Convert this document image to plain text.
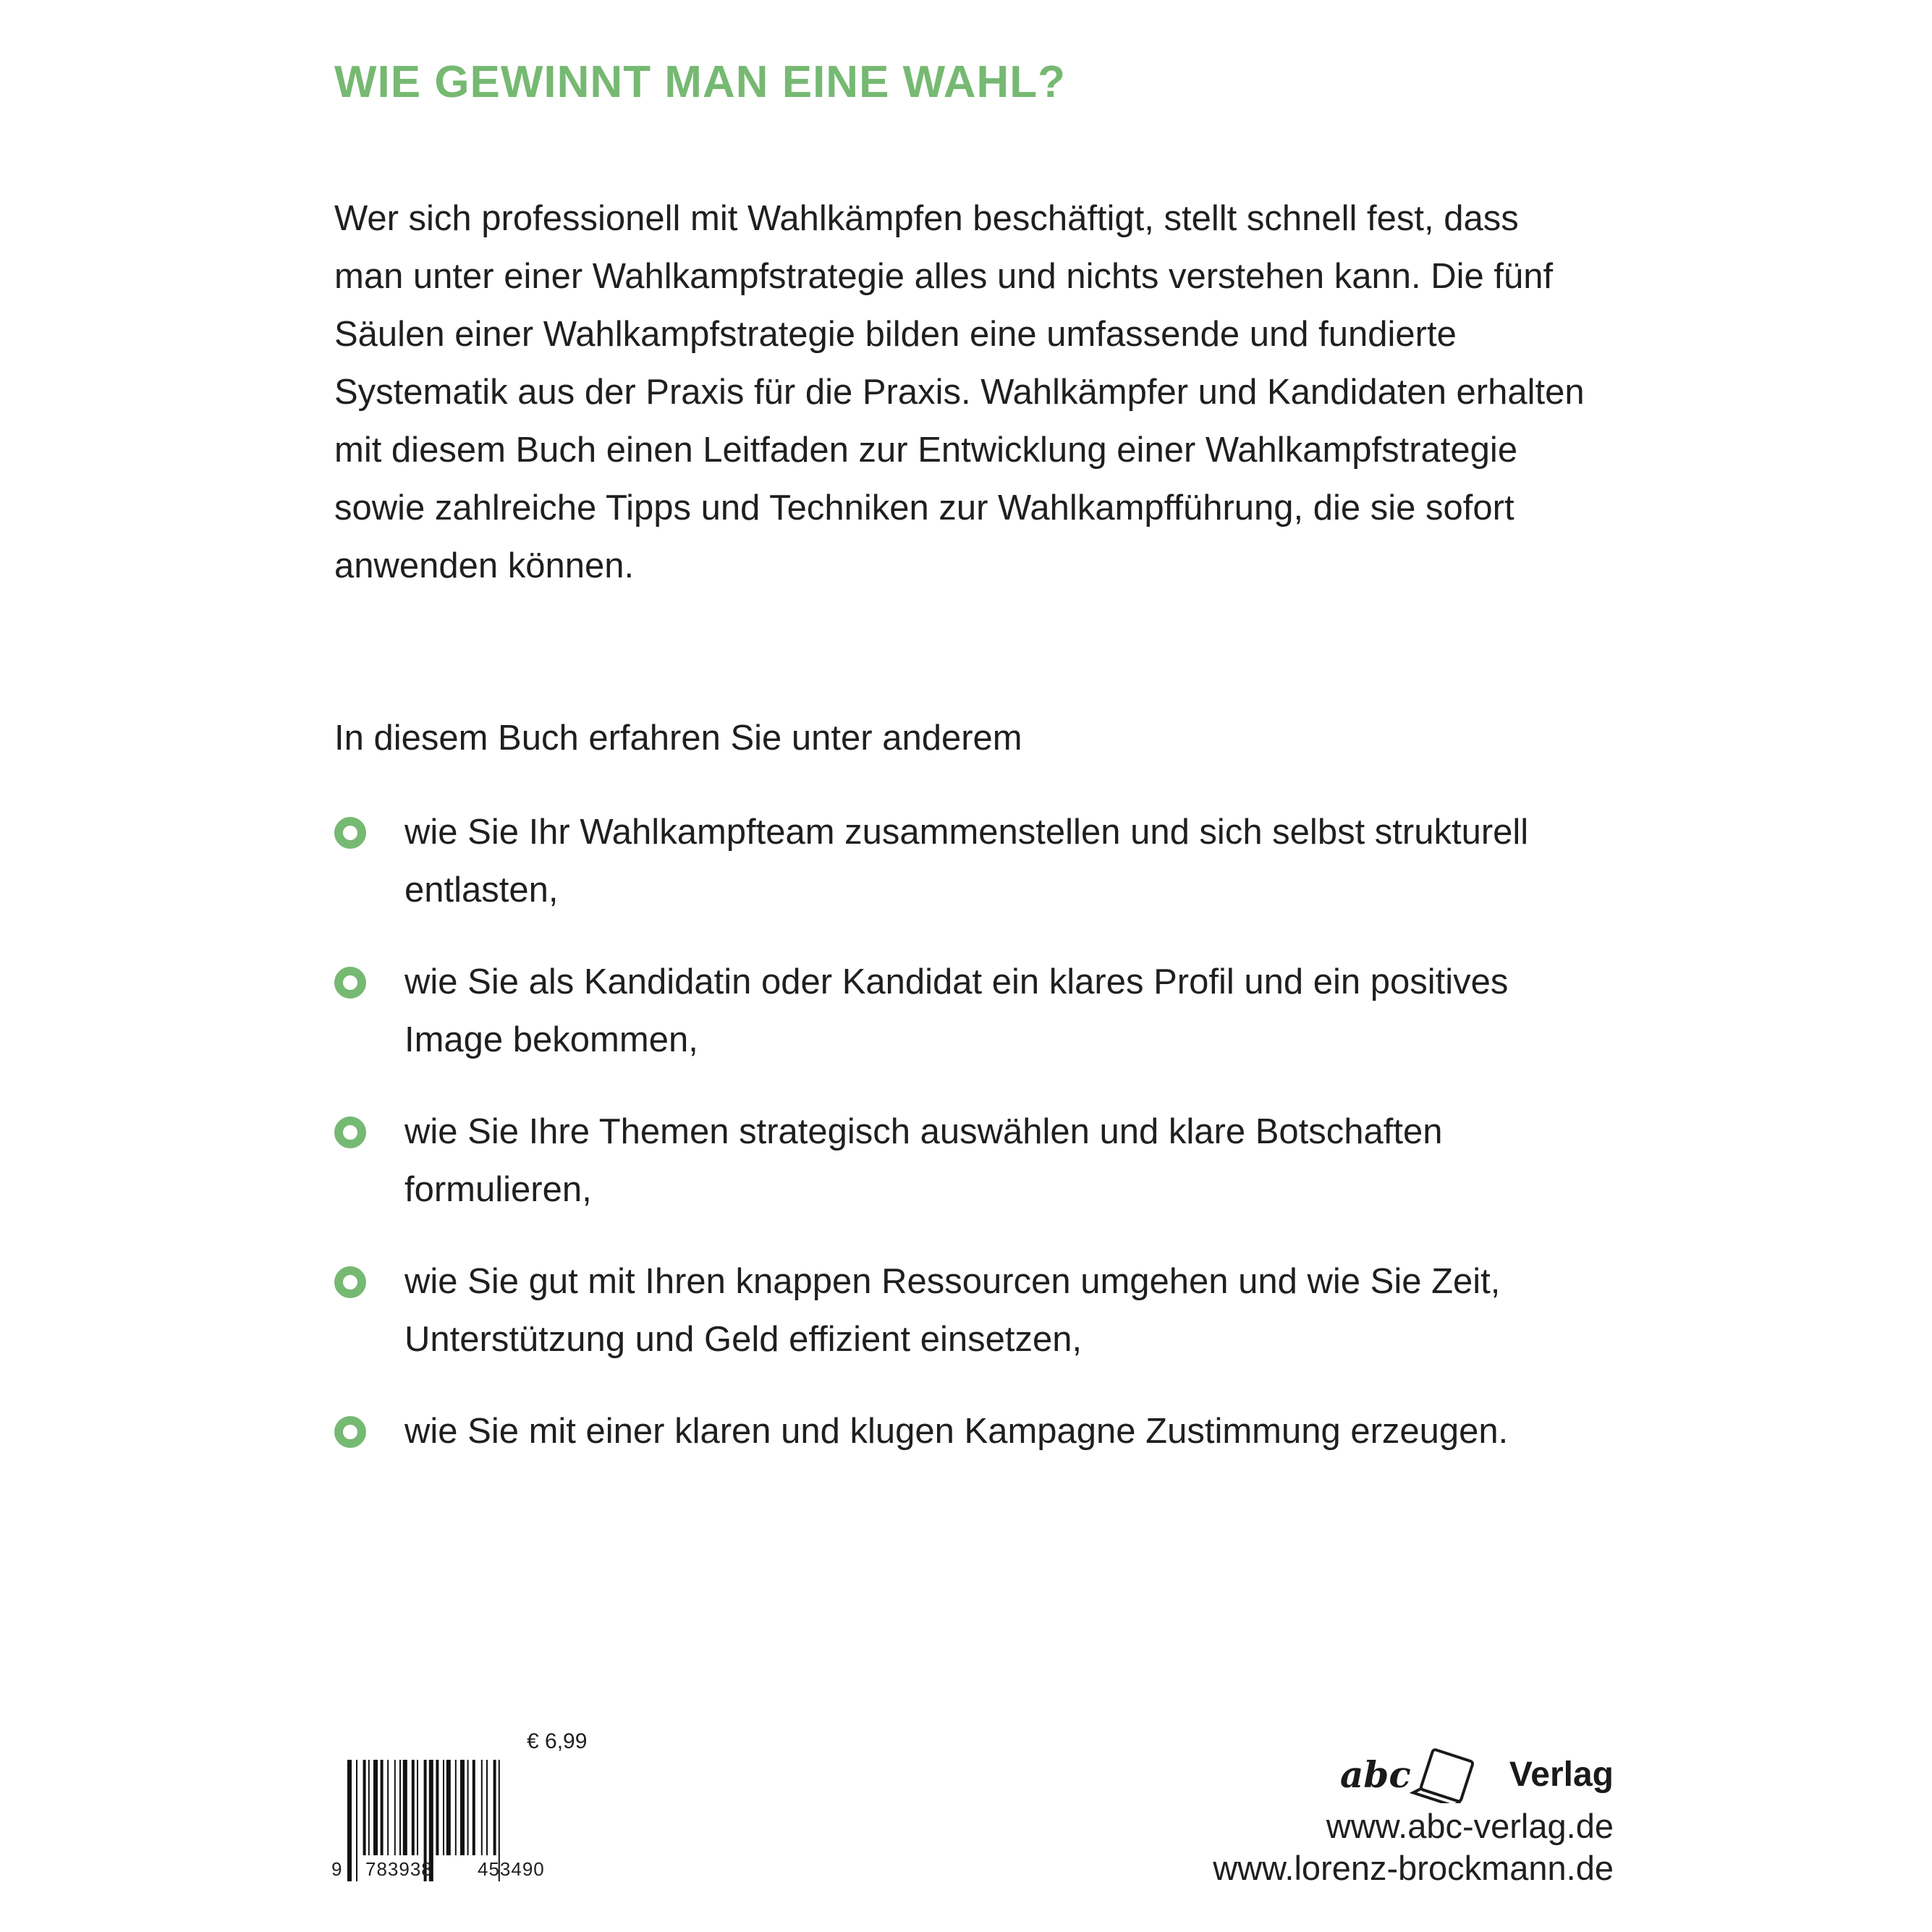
WIE GEWINNT MAN EINE WAHL?

Wer sich professionell mit Wahlkämpfen beschäftigt, stellt schnell fest, dass man unter einer Wahlkampfstrategie alles und nichts verstehen kann. Die fünf Säulen einer Wahlkampfstrategie bilden eine umfassende und fundierte Systematik aus der Praxis für die Praxis. Wahlkämpfer und Kandidaten erhalten mit diesem Buch einen Leitfaden zur Entwicklung einer Wahlkampfstrategie sowie zahlreiche Tipps und Techniken zur Wahlkampfführung, die sie sofort anwenden können.

In diesem Buch erfahren Sie unter anderem

wie Sie Ihr Wahlkampfteam zusammenstellen und sich selbst strukturell entlasten,
wie Sie als Kandidatin oder Kandidat ein klares Profil und ein positives Image bekommen,
wie Sie Ihre Themen strategisch auswählen und klare Botschaften formulieren,
wie Sie gut mit Ihren knappen Ressourcen umgehen und wie Sie Zeit, Unterstützung und Geld effizient einsetzen,
wie Sie mit einer klaren und klugen Kampagne Zustimmung erzeugen.
€ 6,99
9 783938 453490
abc	Verlag
www.abc-verlag.de
www.lorenz-brockmann.de
